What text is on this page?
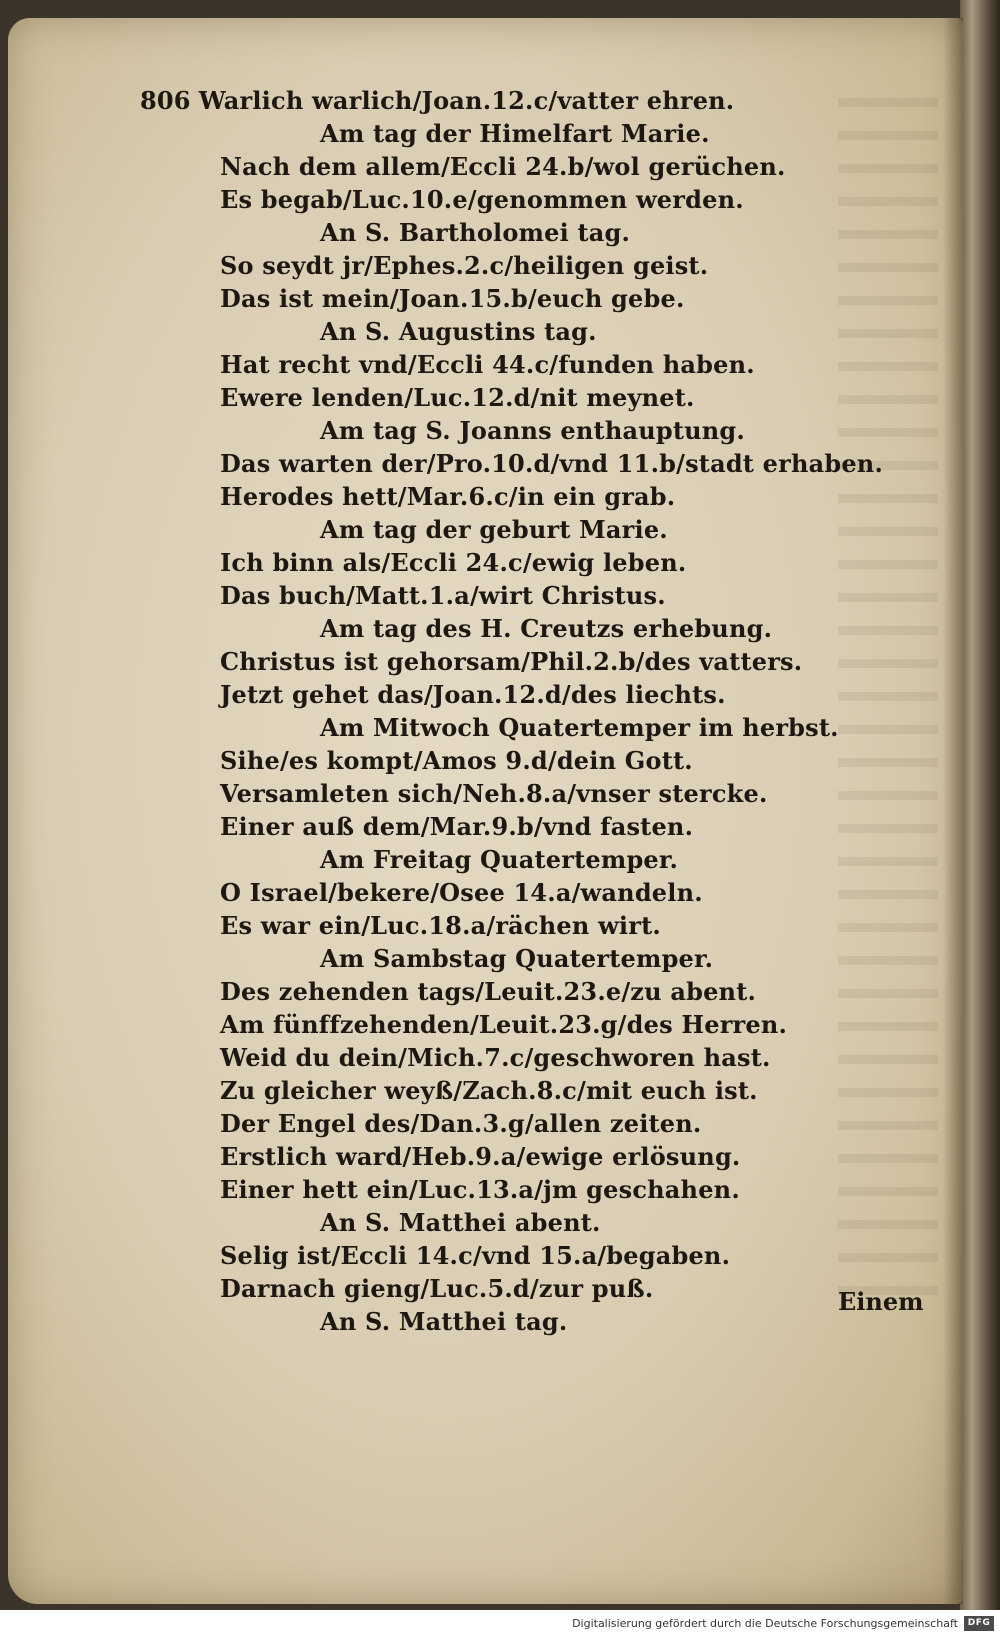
806 Warlich warlich/Joan.12.c/vatter ehren.
Am tag der Himelfart Marie.
Nach dem allem/Eccli 24.b/wol gerüchen.
Es begab/Luc.10.e/genommen werden.
An S. Bartholomei tag.
So seydt jr/Ephes.2.c/heiligen geist.
Das ist mein/Joan.15.b/euch gebe.
An S. Augustins tag.
Hat recht vnd/Eccli 44.c/funden haben.
Ewere lenden/Luc.12.d/nit meynet.
Am tag S. Joanns enthauptung.
Das warten der/Pro.10.d/vnd 11.b/stadt erhaben.
Herodes hett/Mar.6.c/in ein grab.
Am tag der geburt Marie.
Ich binn als/Eccli 24.c/ewig leben.
Das buch/Matt.1.a/wirt Christus.
Am tag des H. Creutzs erhebung.
Christus ist gehorsam/Phil.2.b/des vatters.
Jetzt gehet das/Joan.12.d/des liechts.
Am Mitwoch Quatertemper im herbst.
Sihe/es kompt/Amos 9.d/dein Gott.
Versamleten sich/Neh.8.a/vnser stercke.
Einer auß dem/Mar.9.b/vnd fasten.
Am Freitag Quatertemper.
O Israel/bekere/Osee 14.a/wandeln.
Es war ein/Luc.18.a/rächen wirt.
Am Sambstag Quatertemper.
Des zehenden tags/Leuit.23.e/zu abent.
Am fünffzehenden/Leuit.23.g/des Herren.
Weid du dein/Mich.7.c/geschworen hast.
Zu gleicher weyß/Zach.8.c/mit euch ist.
Der Engel des/Dan.3.g/allen zeiten.
Erstlich ward/Heb.9.a/ewige erlösung.
Einer hett ein/Luc.13.a/jm geschahen.
An S. Matthei abent.
Selig ist/Eccli 14.c/vnd 15.a/begaben.
Darnach gieng/Luc.5.d/zur puß.
An S. Matthei tag.
Einem
Digitalisierung gefördert durch die Deutsche Forschungsgemeinschaft	DFG
